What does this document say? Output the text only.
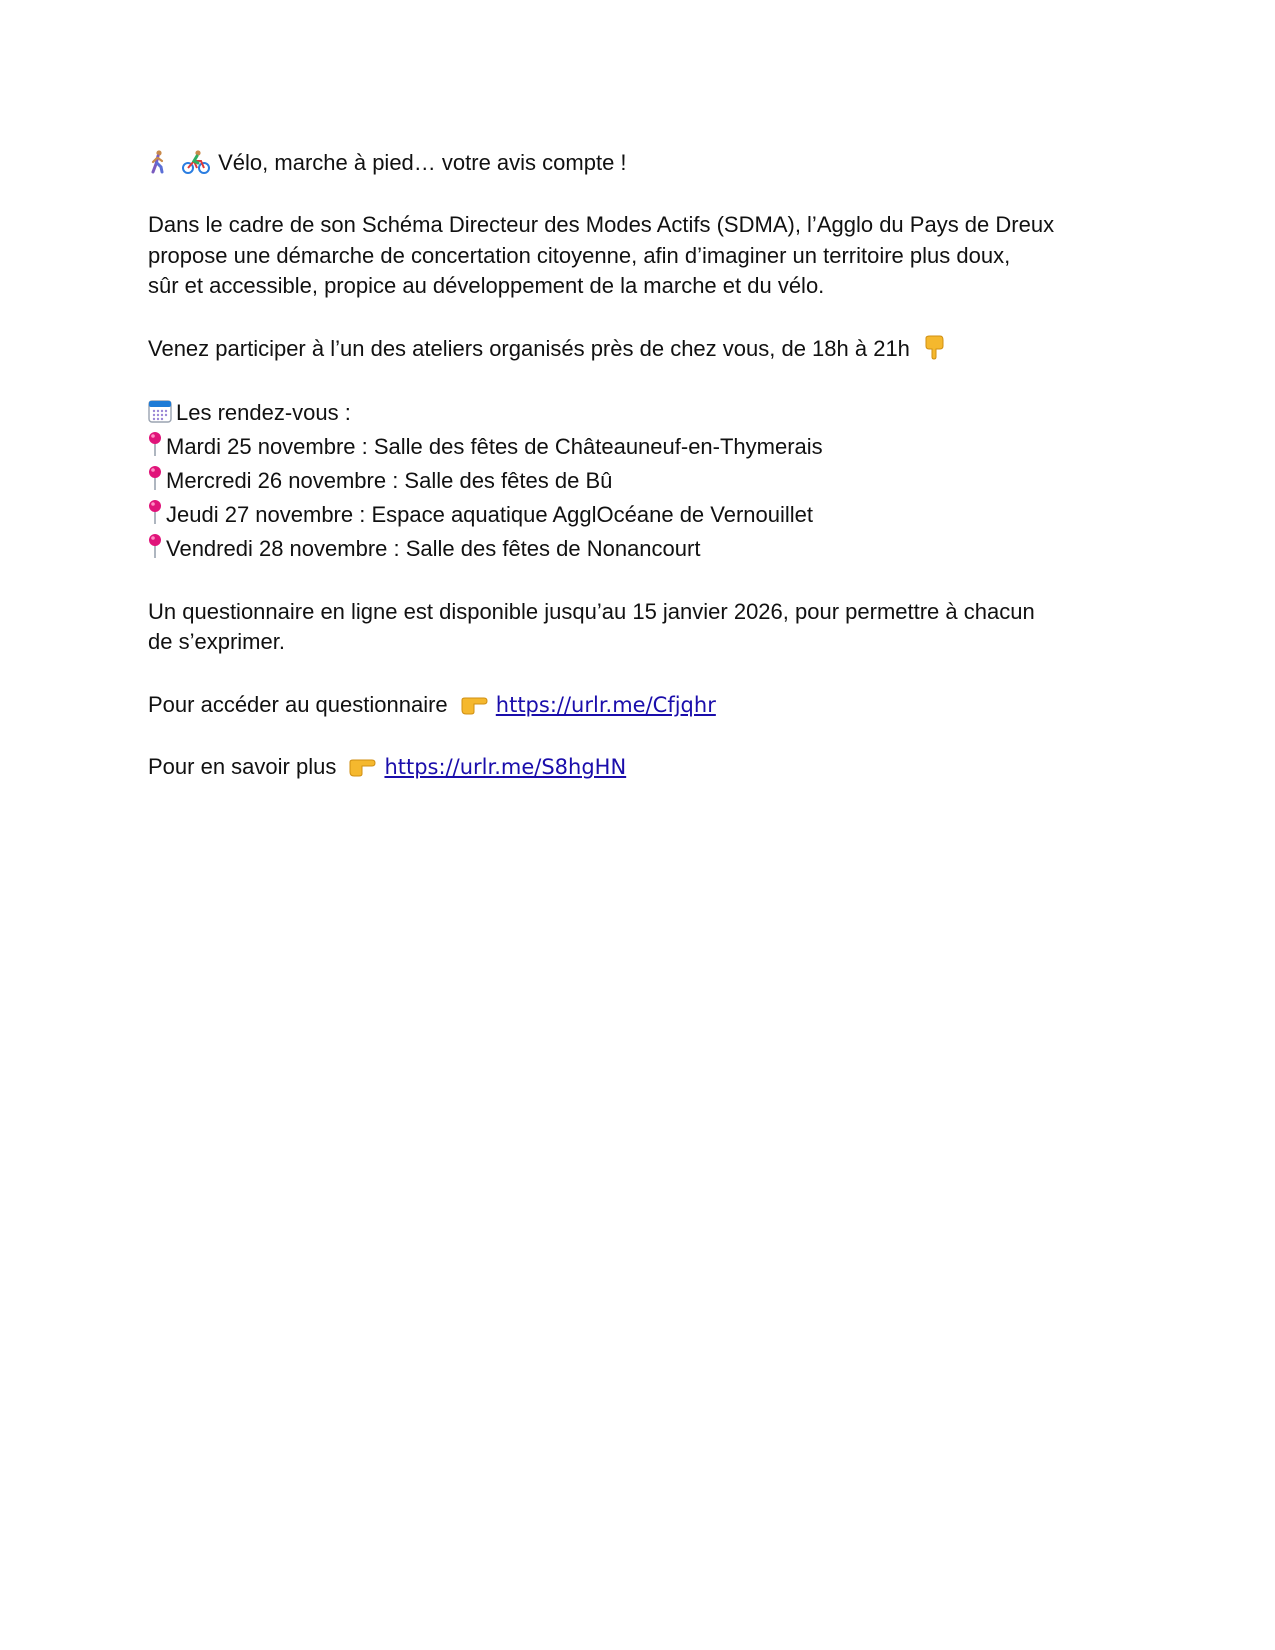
Vélo, marche à pied… votre avis compte !
Dans le cadre de son Schéma Directeur des Modes Actifs (SDMA), l’Agglo du Pays de Dreux
propose une démarche de concertation citoyenne, afin d’imaginer un territoire plus doux,
sûr et accessible, propice au développement de la marche et du vélo.
Venez participer à l’un des ateliers organisés près de chez vous, de 18h à 21h
Les rendez-vous :
Mardi 25 novembre : Salle des fêtes de Châteauneuf-en-Thymerais
Mercredi 26 novembre : Salle des fêtes de Bû
Jeudi 27 novembre : Espace aquatique AgglOcéane de Vernouillet
Vendredi 28 novembre : Salle des fêtes de Nonancourt
Un questionnaire en ligne est disponible jusqu’au 15 janvier 2026, pour permettre à chacun
de s’exprimer.
Pour accéder au questionnaire https://urlr.me/Cfjqhr
Pour en savoir plus https://urlr.me/S8hgHN
